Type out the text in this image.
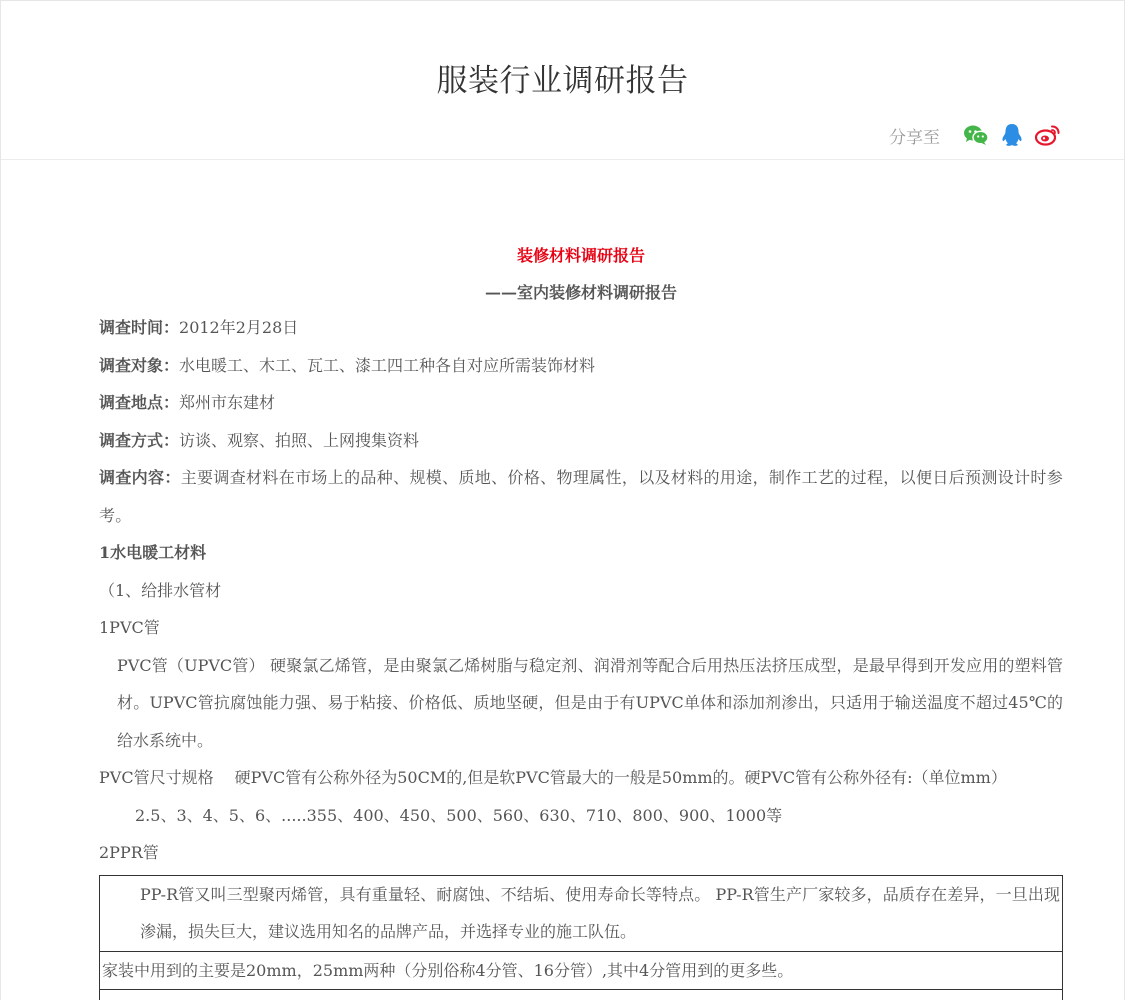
服装行业调研报告
分享至
装修材料调研报告
——室内装修材料调研报告

调查时间：2012年2月28日

调查对象：水电暖工、木工、瓦工、漆工四工种各自对应所需装饰材料

调查地点：郑州市东建材

调查方式：访谈、观察、拍照、上网搜集资料

调查内容：主要调查材料在市场上的品种、规模、质地、价格、物理属性，以及材料的用途，制作工艺的过程，以便日后预测设计时参考。

1水电暖工材料

（1、给排水管材

1PVC管

PVC管（UPVC管） 硬聚氯乙烯管，是由聚氯乙烯树脂与稳定剂、润滑剂等配合后用热压法挤压成型，是最早得到开发应用的塑料管材。UPVC管抗腐蚀能力强、易于粘接、价格低、质地坚硬，但是由于有UPVC单体和添加剂渗出，只适用于输送温度不超过45℃的给水系统中。

PVC管尺寸规格　 硬PVC管有公称外径为50CM的,但是软PVC管最大的一般是50mm的。硬PVC管有公称外径有:（单位mm）

2.5、3、4、5、6、.....355、400、450、500、560、630、710、800、900、1000等

2PPR管

PP-R管又叫三型聚丙烯管，具有重量轻、耐腐蚀、不结垢、使用寿命长等特点。 PP-R管生产厂家较多，品质存在差异，一旦出现渗漏，损失巨大，建议选用知名的品牌产品，并选择专业的施工队伍。
家装中用到的主要是20mm，25mm两种（分别俗称4分管、16分管）,其中4分管用到的更多些。
